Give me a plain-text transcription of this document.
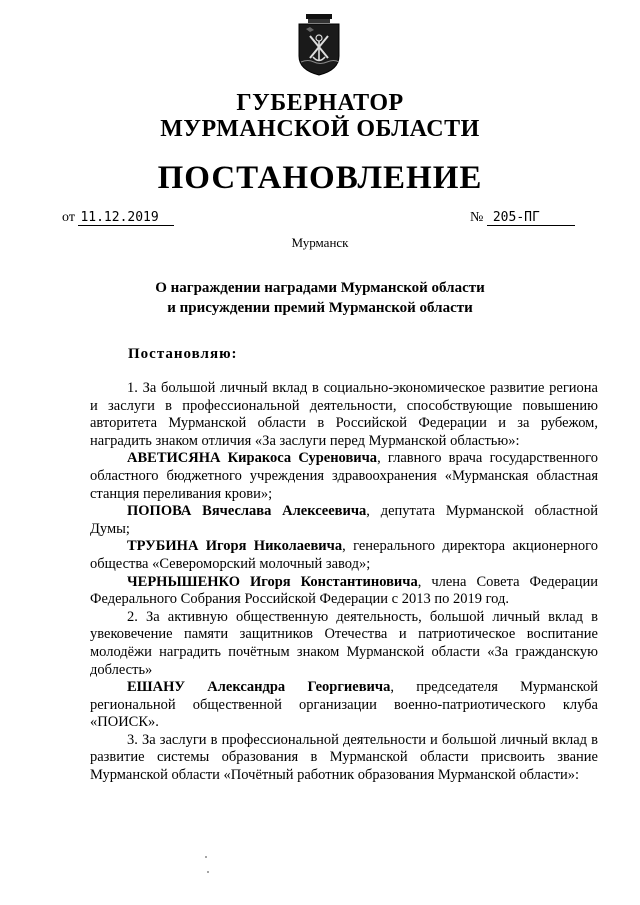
ГУБЕРНАТОР
МУРМАНСКОЙ ОБЛАСТИ
ПОСТАНОВЛЕНИЕ
от 11.12.2019	№ 205-ПГ
Мурманск
О награждении наградами Мурманской области
и присуждении премий Мурманской области
Постановляю:

1. За большой личный вклад в социально-экономическое развитие региона и заслуги в профессиональной деятельности, способствующие повышению авторитета Мурманской области в Российской Федерации и за рубежом, наградить знаком отличия «За заслуги перед Мурманской областью»:

АВЕТИСЯНА Киракоса Суреновича, главного врача государственного областного бюджетного учреждения здравоохранения «Мурманская областная станция переливания крови»;

ПОПОВА Вячеслава Алексеевича, депутата Мурманской областной Думы;

ТРУБИНА Игоря Николаевича, генерального директора акционерного общества «Североморский молочный завод»;

ЧЕРНЫШЕНКО Игоря Константиновича, члена Совета Федерации Федерального Собрания Российской Федерации с 2013 по 2019 год.

2. За активную общественную деятельность, большой личный вклад в увековечение памяти защитников Отечества и патриотическое воспитание молодёжи наградить почётным знаком Мурманской области «За гражданскую доблесть»

ЕШАНУ Александра Георгиевича, председателя Мурманской региональной общественной организации военно-патриотического клуба «ПОИСК».

3. За заслуги в профессиональной деятельности и большой личный вклад в развитие системы образования в Мурманской области присвоить звание Мурманской области «Почётный работник образования Мурманской области»:
